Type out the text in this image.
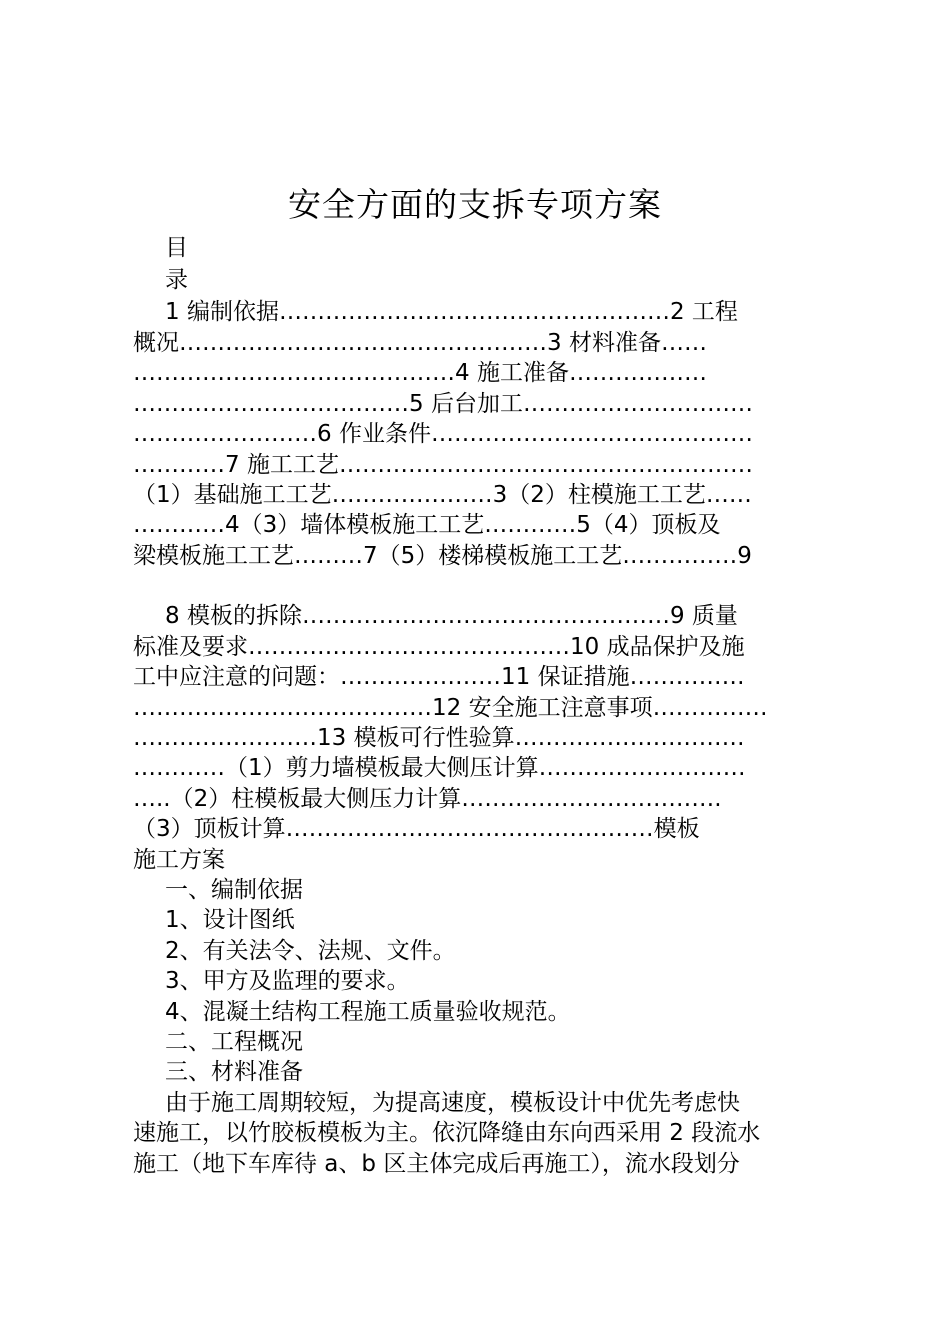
安全方面的支拆专项方案
目
录
1 编制依据……………………………………………2 工程
概况…………………………………………3 材料准备……
……………………………………4 施工准备………………
………………………………5 后台加工…………………………
……………………6 作业条件……………………………………
…………7 施工工艺………………………………………………
（1）基础施工工艺…………………3（2）柱模施工工艺……
…………4（3）墙体模板施工工艺…………5（4）顶板及
梁模板施工工艺………7（5）楼梯模板施工工艺……………9
8 模板的拆除…………………………………………9 质量
标准及要求……………………………………10 成品保护及施
工中应注意的问题：…………………11 保证措施……………
…………………………………12 安全施工注意事项……………
……………………13 模板可行性验算…………………………
…………（1）剪力墙模板最大侧压计算………………………
…..（2）柱模板最大侧压力计算…………………………….
（3）顶板计算…………………………………………模板
施工方案
一、编制依据
1、设计图纸
2、有关法令、法规、文件。
3、甲方及监理的要求。
4、混凝土结构工程施工质量验收规范。
二、工程概况
三、材料准备
由于施工周期较短，为提高速度，模板设计中优先考虑快
速施工，以竹胶板模板为主。依沉降缝由东向西采用 2 段流水
施工（地下车库待 a、b 区主体完成后再施工），流水段划分
